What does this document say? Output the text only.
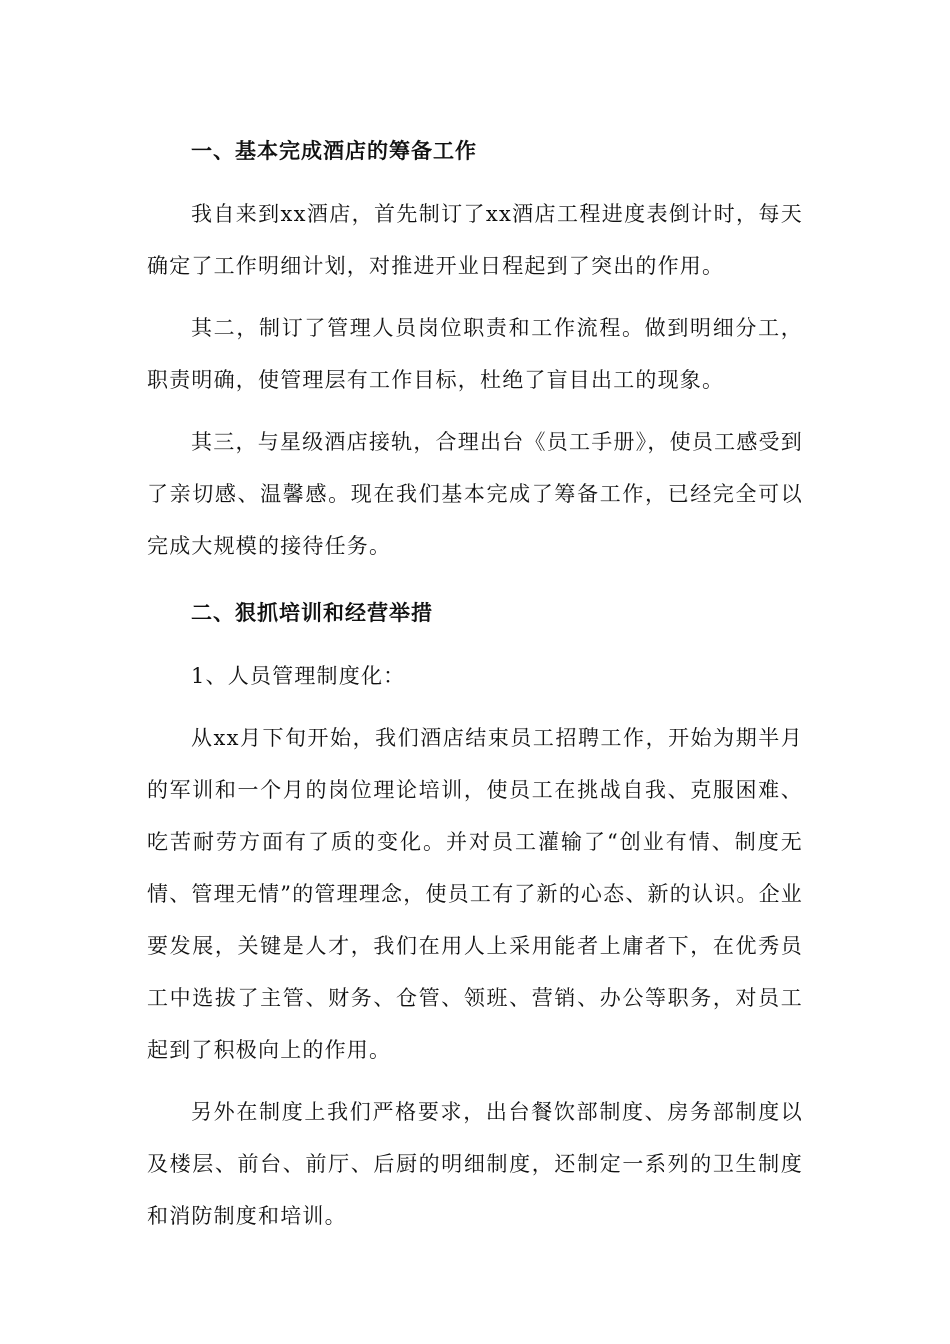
一、基本完成酒店的筹备工作

我自来到xx酒店，首先制订了xx酒店工程进度表倒计时，每天确定了工作明细计划，对推进开业日程起到了突出的作用。

其二，制订了管理人员岗位职责和工作流程。做到明细分工，职责明确，使管理层有工作目标，杜绝了盲目出工的现象。

其三，与星级酒店接轨，合理出台《员工手册》，使员工感受到了亲切感、温馨感。现在我们基本完成了筹备工作，已经完全可以完成大规模的接待任务。

二、狠抓培训和经营举措

1、人员管理制度化：

从xx月下旬开始，我们酒店结束员工招聘工作，开始为期半月的军训和一个月的岗位理论培训，使员工在挑战自我、克服困难、吃苦耐劳方面有了质的变化。并对员工灌输了“创业有情、制度无情、管理无情”的管理理念，使员工有了新的心态、新的认识。企业要发展，关键是人才，我们在用人上采用能者上庸者下，在优秀员工中选拔了主管、财务、仓管、领班、营销、办公等职务，对员工起到了积极向上的作用。

另外在制度上我们严格要求，出台餐饮部制度、房务部制度以及楼层、前台、前厅、后厨的明细制度，还制定一系列的卫生制度和消防制度和培训。
